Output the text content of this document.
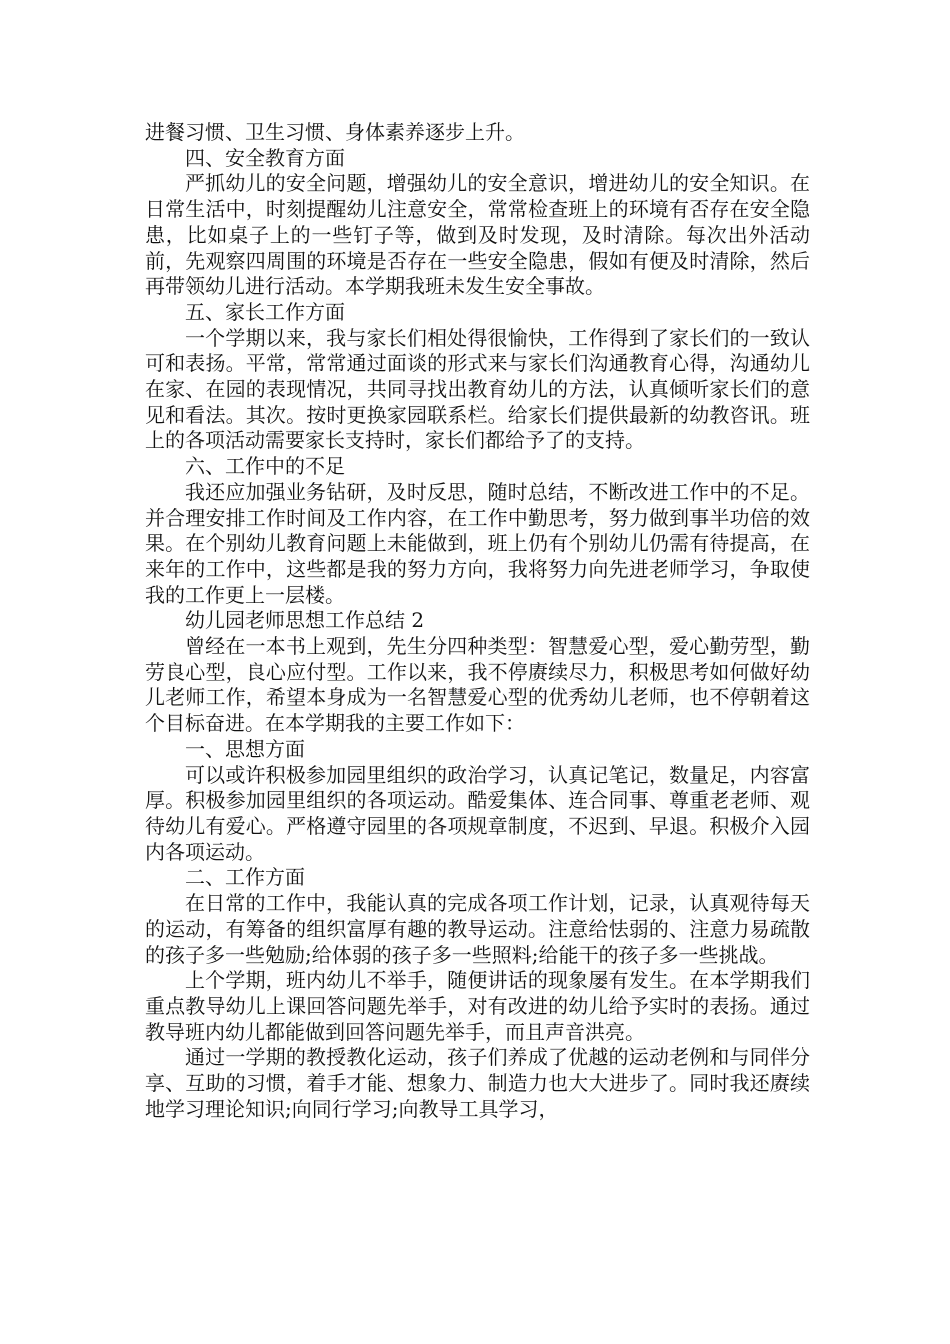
进餐习惯、卫生习惯、身体素养逐步上升。

四、安全教育方面

严抓幼儿的安全问题，增强幼儿的安全意识，增进幼儿的安全知识。在日常生活中，时刻提醒幼儿注意安全，常常检查班上的环境有否存在安全隐患，比如桌子上的一些钉子等，做到及时发现，及时清除。每次出外活动前，先观察四周围的环境是否存在一些安全隐患，假如有便及时清除，然后再带领幼儿进行活动。本学期我班未发生安全事故。

五、家长工作方面

一个学期以来，我与家长们相处得很愉快，工作得到了家长们的一致认可和表扬。平常，常常通过面谈的形式来与家长们沟通教育心得，沟通幼儿在家、在园的表现情况，共同寻找出教育幼儿的方法，认真倾听家长们的意见和看法。其次。按时更换家园联系栏。给家长们提供最新的幼教咨讯。班上的各项活动需要家长支持时，家长们都给予了的支持。

六、工作中的不足

我还应加强业务钻研，及时反思，随时总结，不断改进工作中的不足。并合理安排工作时间及工作内容，在工作中勤思考，努力做到事半功倍的效果。在个别幼儿教育问题上未能做到，班上仍有个别幼儿仍需有待提高，在来年的工作中，这些都是我的努力方向，我将努力向先进老师学习，争取使我的工作更上一层楼。

幼儿园老师思想工作总结 2

曾经在一本书上观到，先生分四种类型：智慧爱心型，爱心勤劳型，勤劳良心型，良心应付型。工作以来，我不停赓续尽力，积极思考如何做好幼儿老师工作，希望本身成为一名智慧爱心型的优秀幼儿老师，也不停朝着这个目标奋进。在本学期我的主要工作如下：

一、思想方面

可以或许积极参加园里组织的政治学习，认真记笔记，数量足，内容富厚。积极参加园里组织的各项运动。酷爱集体、连合同事、尊重老老师、观待幼儿有爱心。严格遵守园里的各项规章制度，不迟到、早退。积极介入园内各项运动。

二、工作方面

在日常的工作中，我能认真的完成各项工作计划，记录，认真观待每天的运动，有筹备的组织富厚有趣的教导运动。注意给怯弱的、注意力易疏散的孩子多一些勉励;给体弱的孩子多一些照料;给能干的孩子多一些挑战。

上个学期，班内幼儿不举手，随便讲话的现象屡有发生。在本学期我们重点教导幼儿上课回答问题先举手，对有改进的幼儿给予实时的表扬。通过教导班内幼儿都能做到回答问题先举手，而且声音洪亮。

通过一学期的教授教化运动，孩子们养成了优越的运动老例和与同伴分享、互助的习惯，着手才能、想象力、制造力也大大进步了。同时我还赓续地学习理论知识;向同行学习;向教导工具学习，
